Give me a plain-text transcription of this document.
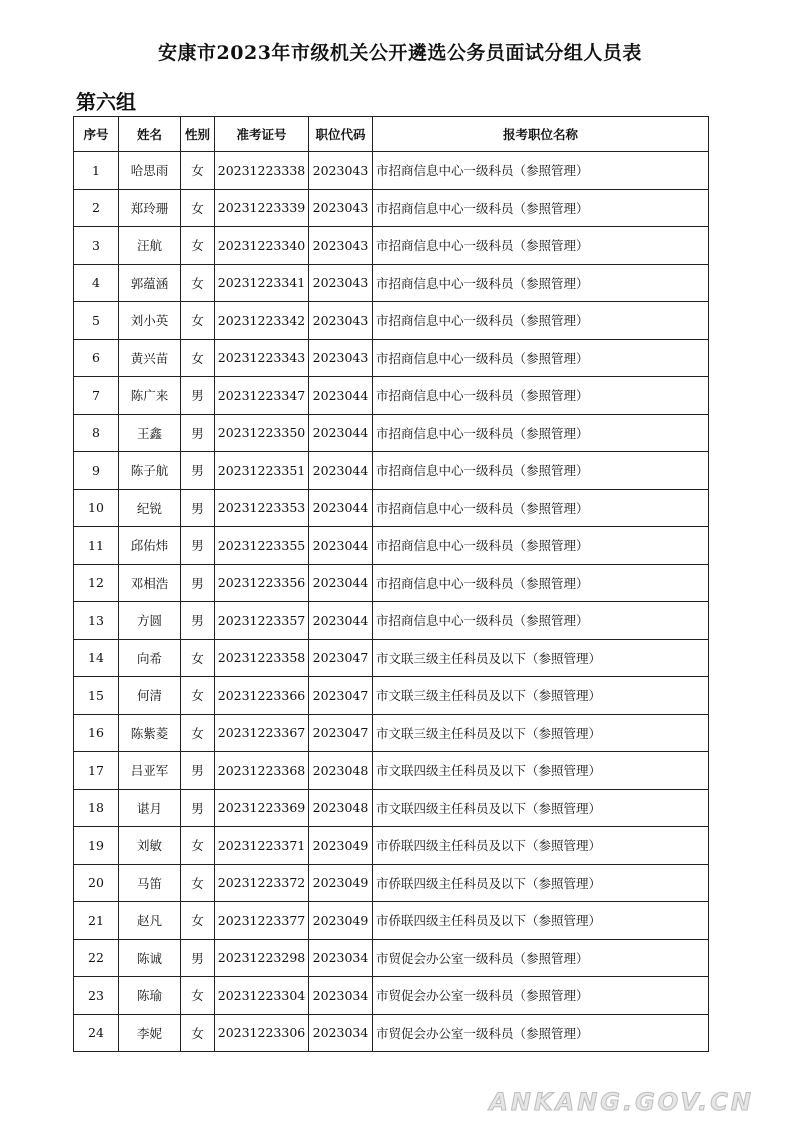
安康市2023年市级机关公开遴选公务员面试分组人员表
第六组
序号	姓名	性别	准考证号	职位代码	报考职位名称
1	哈思雨	女	20231223338	2023043	市招商信息中心一级科员（参照管理）
2	郑玲珊	女	20231223339	2023043	市招商信息中心一级科员（参照管理）
3	汪航	女	20231223340	2023043	市招商信息中心一级科员（参照管理）
4	郭蕴涵	女	20231223341	2023043	市招商信息中心一级科员（参照管理）
5	刘小英	女	20231223342	2023043	市招商信息中心一级科员（参照管理）
6	黄兴苗	女	20231223343	2023043	市招商信息中心一级科员（参照管理）
7	陈广来	男	20231223347	2023044	市招商信息中心一级科员（参照管理）
8	王鑫	男	20231223350	2023044	市招商信息中心一级科员（参照管理）
9	陈子航	男	20231223351	2023044	市招商信息中心一级科员（参照管理）
10	纪锐	男	20231223353	2023044	市招商信息中心一级科员（参照管理）
11	邱佑炜	男	20231223355	2023044	市招商信息中心一级科员（参照管理）
12	邓相浩	男	20231223356	2023044	市招商信息中心一级科员（参照管理）
13	方圆	男	20231223357	2023044	市招商信息中心一级科员（参照管理）
14	向希	女	20231223358	2023047	市文联三级主任科员及以下（参照管理）
15	何清	女	20231223366	2023047	市文联三级主任科员及以下（参照管理）
16	陈紫菱	女	20231223367	2023047	市文联三级主任科员及以下（参照管理）
17	吕亚军	男	20231223368	2023048	市文联四级主任科员及以下（参照管理）
18	谌月	男	20231223369	2023048	市文联四级主任科员及以下（参照管理）
19	刘敏	女	20231223371	2023049	市侨联四级主任科员及以下（参照管理）
20	马笛	女	20231223372	2023049	市侨联四级主任科员及以下（参照管理）
21	赵凡	女	20231223377	2023049	市侨联四级主任科员及以下（参照管理）
22	陈诚	男	20231223298	2023034	市贸促会办公室一级科员（参照管理）
23	陈瑜	女	20231223304	2023034	市贸促会办公室一级科员（参照管理）
24	李妮	女	20231223306	2023034	市贸促会办公室一级科员（参照管理）
ANKANG.GOV.CN
